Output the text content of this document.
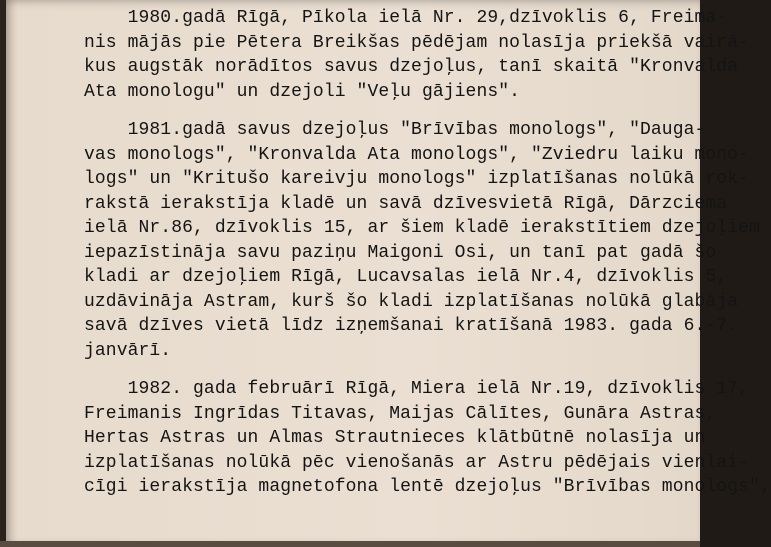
1980.gadā Rīgā, Pīkola ielā Nr. 29,dzīvoklis 6, Freima-
nis mājās pie Pētera Breikšas pēdējam nolasīja priekšā vairā-
kus augstāk norādītos savus dzejoļus, tanī skaitā "Kronvalda
Ata monologu" un dzejoli "Veļu gājiens".

1981.gadā savus dzejoļus "Brīvības monologs", "Dauga-
vas monologs", "Kronvalda Ata monologs", "Zviedru laiku mono-
logs" un "Kritušo kareivju monologs" izplatīšanas nolūkā rok-
rakstā ierakstīja kladē un savā dzīvesvietā Rīgā, Dārzciema
ielā Nr.86, dzīvoklis 15, ar šiem kladē ierakstītiem dzejoļiem
iepazīstināja savu paziņu Maigoni Osi, un tanī pat gadā šo
kladi ar dzejoļiem Rīgā, Lucavsalas ielā Nr.4, dzīvoklis 5,
uzdāvināja Astram, kurš šo kladi izplatīšanas nolūkā glabāja
savā dzīves vietā līdz izņemšanai kratīšanā 1983. gada 6.-7.
janvārī.

1982. gada februārī Rīgā, Miera ielā Nr.19, dzīvoklis 17,
Freimanis Ingrīdas Titavas, Maijas Cālītes, Gunāra Astras,
Hertas Astras un Almas Strautnieces klātbūtnē nolasīja un
izplatīšanas nolūkā pēc vienošanās ar Astru pēdējais vienlai-
cīgi ierakstīja magnetofona lentē dzejoļus "Brīvības monologs",
